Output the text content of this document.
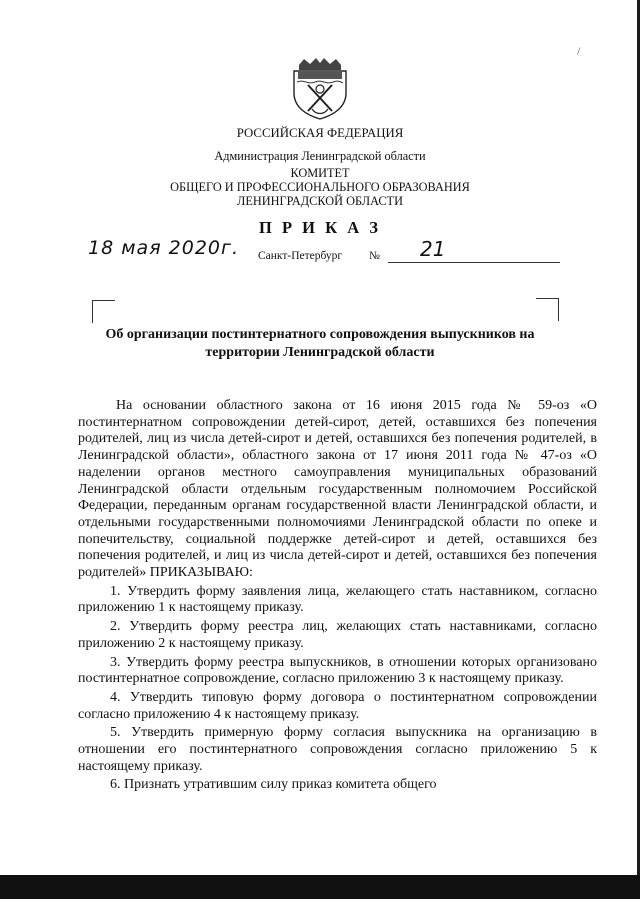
/
РОССИЙСКАЯ ФЕДЕРАЦИЯ
Администрация Ленинградской области
КОМИТЕТ
ОБЩЕГО И ПРОФЕССИОНАЛЬНОГО ОБРАЗОВАНИЯ
ЛЕНИНГРАДСКОЙ ОБЛАСТИ
П Р И К А З
18 мая 2020г. Санкт-Петербург № 21
Об организации постинтернатного сопровождения выпускников на территории Ленинградской области

На основании областного закона от 16 июня 2015 года № 59-оз «О постинтернатном сопровождении детей-сирот, детей, оставшихся без попечения родителей, лиц из числа детей-сирот и детей, оставшихся без попечения родителей, в Ленинградской области», областного закона от 17 июня 2011 года № 47-оз «О наделении органов местного самоуправления муниципальных образований Ленинградской области отдельным государственным полномочием Российской Федерации, переданным органам государственной власти Ленинградской области, и отдельными государственными полномочиями Ленинградской области по опеке и попечительству, социальной поддержке детей-сирот и детей, оставшихся без попечения родителей, и лиц из числа детей-сирот и детей, оставшихся без попечения родителей» ПРИКАЗЫВАЮ:

1. Утвердить форму заявления лица, желающего стать наставником, согласно приложению 1 к настоящему приказу.

2. Утвердить форму реестра лиц, желающих стать наставниками, согласно приложению 2 к настоящему приказу.

3. Утвердить форму реестра выпускников, в отношении которых организовано постинтернатное сопровождение, согласно приложению 3 к настоящему приказу.

4. Утвердить типовую форму договора о постинтернатном сопровождении согласно приложению 4 к настоящему приказу.

5. Утвердить примерную форму согласия выпускника на организацию в отношении его постинтернатного сопровождения согласно приложению 5 к настоящему приказу.

6. Признать утратившим силу приказ комитета общего
